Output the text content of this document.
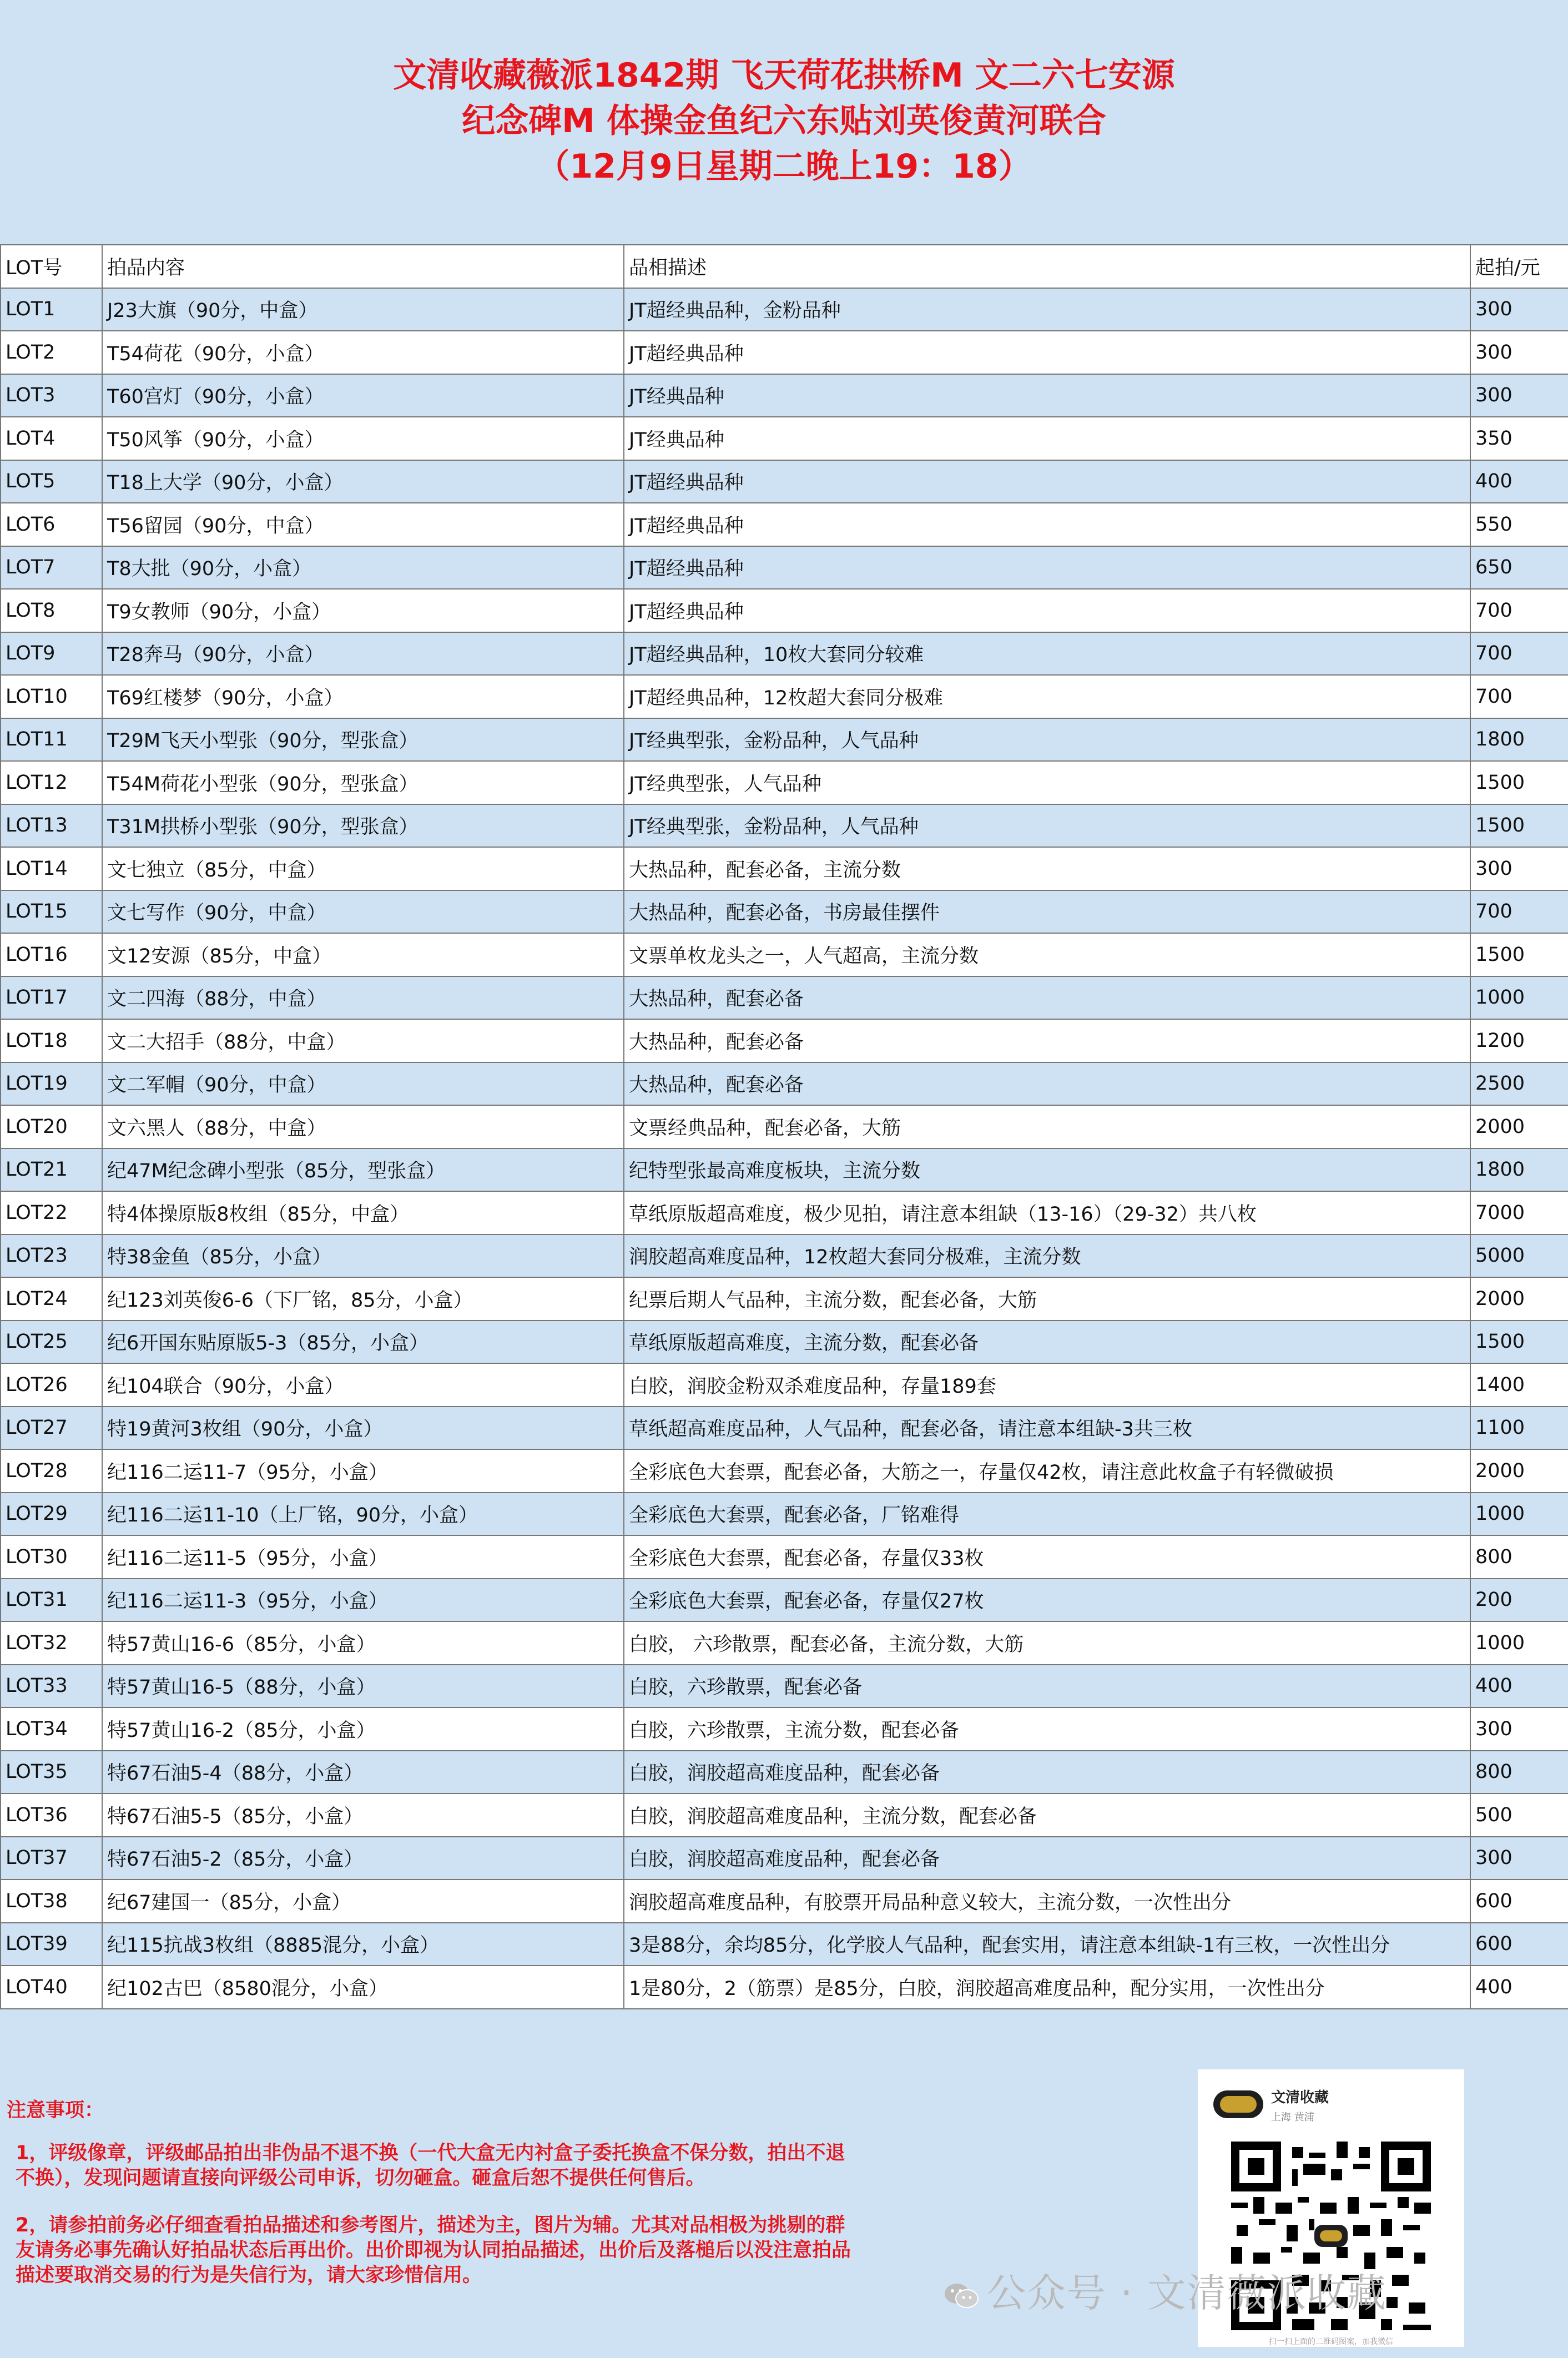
文清收藏薇派1842期 飞天荷花拱桥M 文二六七安源
纪念碑M 体操金鱼纪六东贴刘英俊黄河联合
（12月9日星期二晚上19：18）
LOT号	拍品内容	品相描述	起拍/元
LOT1	J23大旗（90分，中盒）	JT超经典品种，金粉品种	300
LOT2	T54荷花（90分，小盒）	JT超经典品种	300
LOT3	T60宫灯（90分，小盒）	JT经典品种	300
LOT4	T50风筝（90分，小盒）	JT经典品种	350
LOT5	T18上大学（90分，小盒）	JT超经典品种	400
LOT6	T56留园（90分，中盒）	JT超经典品种	550
LOT7	T8大批（90分，小盒）	JT超经典品种	650
LOT8	T9女教师（90分，小盒）	JT超经典品种	700
LOT9	T28奔马（90分，小盒）	JT超经典品种，10枚大套同分较难	700
LOT10	T69红楼梦（90分，小盒）	JT超经典品种，12枚超大套同分极难	700
LOT11	T29M飞天小型张（90分，型张盒）	JT经典型张，金粉品种，人气品种	1800
LOT12	T54M荷花小型张（90分，型张盒）	JT经典型张，人气品种	1500
LOT13	T31M拱桥小型张（90分，型张盒）	JT经典型张，金粉品种，人气品种	1500
LOT14	文七独立（85分，中盒）	大热品种，配套必备，主流分数	300
LOT15	文七写作（90分，中盒）	大热品种，配套必备，书房最佳摆件	700
LOT16	文12安源（85分，中盒）	文票单枚龙头之一，人气超高，主流分数	1500
LOT17	文二四海（88分，中盒）	大热品种，配套必备	1000
LOT18	文二大招手（88分，中盒）	大热品种，配套必备	1200
LOT19	文二军帽（90分，中盒）	大热品种，配套必备	2500
LOT20	文六黑人（88分，中盒）	文票经典品种，配套必备，大筋	2000
LOT21	纪47M纪念碑小型张（85分，型张盒）	纪特型张最高难度板块，主流分数	1800
LOT22	特4体操原版8枚组（85分，中盒）	草纸原版超高难度，极少见拍，请注意本组缺（13-16）（29-32）共八枚	7000
LOT23	特38金鱼（85分，小盒）	润胶超高难度品种，12枚超大套同分极难，主流分数	5000
LOT24	纪123刘英俊6-6（下厂铭，85分，小盒）	纪票后期人气品种，主流分数，配套必备，大筋	2000
LOT25	纪6开国东贴原版5-3（85分，小盒）	草纸原版超高难度，主流分数，配套必备	1500
LOT26	纪104联合（90分，小盒）	白胶，润胶金粉双杀难度品种，存量189套	1400
LOT27	特19黄河3枚组（90分，小盒）	草纸超高难度品种，人气品种，配套必备，请注意本组缺-3共三枚	1100
LOT28	纪116二运11-7（95分，小盒）	全彩底色大套票，配套必备，大筋之一，存量仅42枚，请注意此枚盒子有轻微破损	2000
LOT29	纪116二运11-10（上厂铭，90分，小盒）	全彩底色大套票，配套必备，厂铭难得	1000
LOT30	纪116二运11-5（95分，小盒）	全彩底色大套票，配套必备，存量仅33枚	800
LOT31	纪116二运11-3（95分，小盒）	全彩底色大套票，配套必备，存量仅27枚	200
LOT32	特57黄山16-6（85分，小盒）	白胶， 六珍散票，配套必备，主流分数，大筋	1000
LOT33	特57黄山16-5（88分，小盒）	白胶，六珍散票，配套必备	400
LOT34	特57黄山16-2（85分，小盒）	白胶，六珍散票，主流分数，配套必备	300
LOT35	特67石油5-4（88分，小盒）	白胶，润胶超高难度品种，配套必备	800
LOT36	特67石油5-5（85分，小盒）	白胶，润胶超高难度品种，主流分数，配套必备	500
LOT37	特67石油5-2（85分，小盒）	白胶，润胶超高难度品种，配套必备	300
LOT38	纪67建国一（85分，小盒）	润胶超高难度品种，有胶票开局品种意义较大，主流分数，一次性出分	600
LOT39	纪115抗战3枚组（8885混分，小盒）	3是88分，余均85分，化学胶人气品种，配套实用，请注意本组缺-1有三枚，一次性出分	600
LOT40	纪102古巴（8580混分，小盒）	1是80分，2（筋票）是85分，白胶，润胶超高难度品种，配分实用，一次性出分	400
注意事项：

1，评级像章，评级邮品拍出非伪品不退不换（一代大盒无内衬盒子委托换盒不保分数，拍出不退不换），发现问题请直接向评级公司申诉，切勿砸盒。砸盒后恕不提供任何售后。

2，请参拍前务必仔细查看拍品描述和参考图片，描述为主，图片为辅。尤其对品相极为挑剔的群友请务必事先确认好拍品状态后再出价。出价即视为认同拍品描述，出价后及落槌后以没注意拍品描述要取消交易的行为是失信行为，请大家珍惜信用。

文清收藏
上海 黄浦
扫一扫上面的二维码图案，加我微信
公众号 · 文清薇派收藏
